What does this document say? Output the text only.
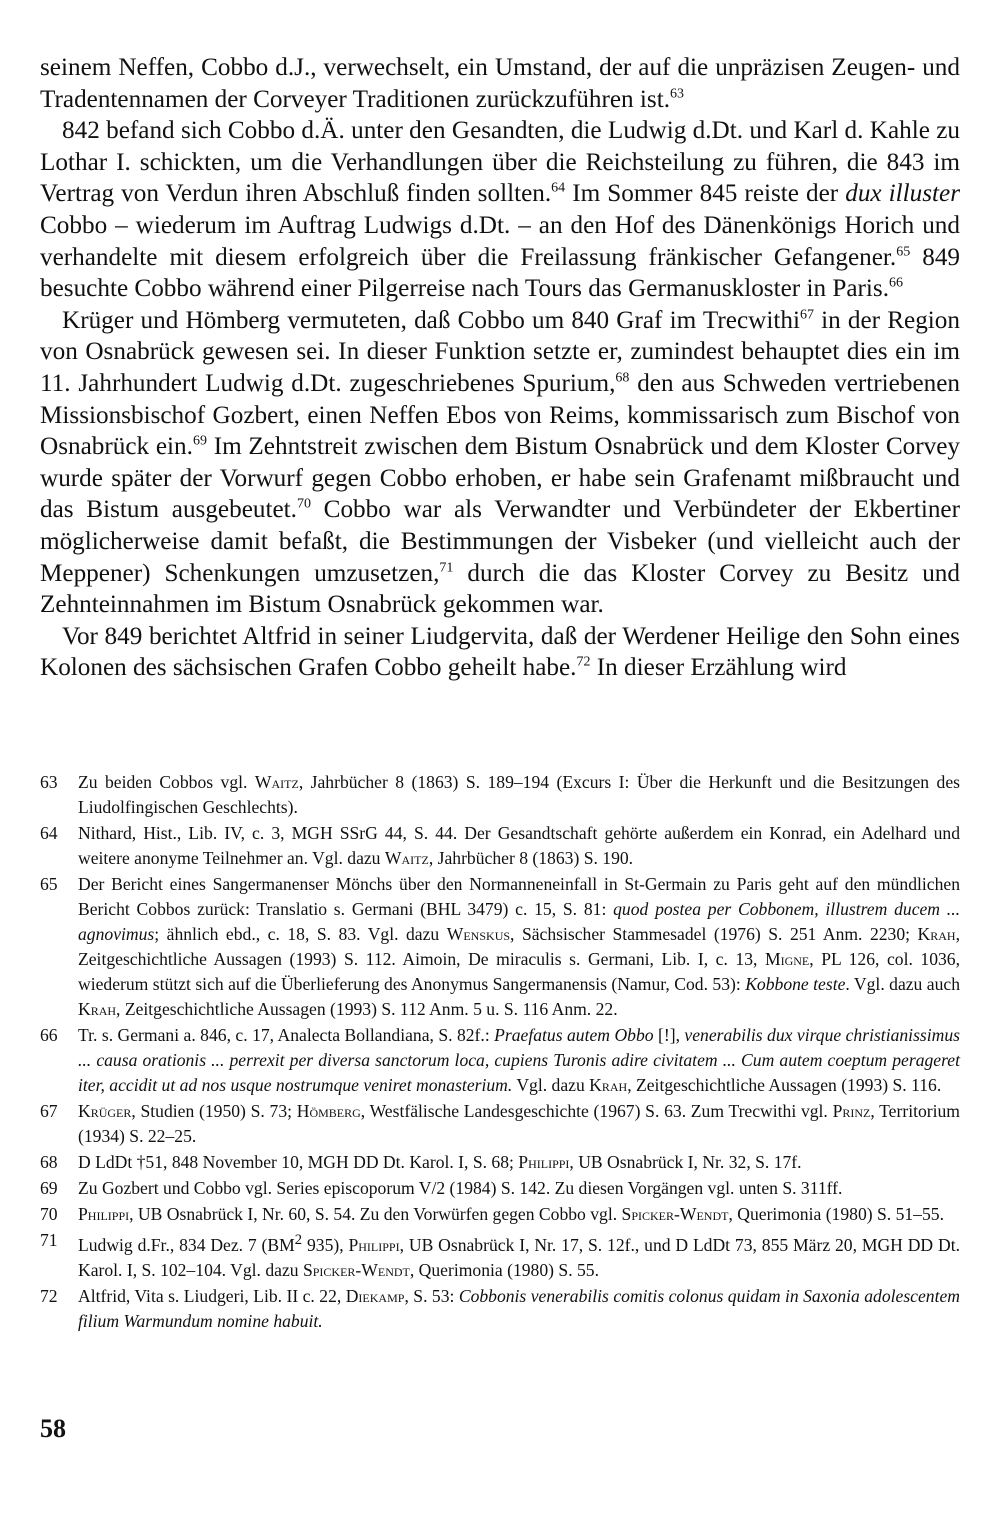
seinem Neffen, Cobbo d.J., verwechselt, ein Umstand, der auf die unpräzisen Zeugen- und Tradentennamen der Corveyer Traditionen zurückzuführen ist.$^{63}$

842 befand sich Cobbo d.Ä. unter den Gesandten, die Ludwig d.Dt. und Karl d. Kahle zu Lothar I. schickten, um die Verhandlungen über die Reichsteilung zu führen, die 843 im Vertrag von Verdun ihren Abschluß finden sollten.$^{64}$ Im Sommer 845 reiste der dux illuster Cobbo – wiederum im Auftrag Ludwigs d.Dt. – an den Hof des Dänenkönigs Horich und verhandelte mit diesem erfolgreich über die Freilassung fränkischer Gefangener.$^{65}$ 849 besuchte Cobbo während einer Pilgerreise nach Tours das Germanuskloster in Paris.$^{66}$

Krüger und Hömberg vermuteten, daß Cobbo um 840 Graf im Trecwithi$^{67}$ in der Region von Osnabrück gewesen sei. In dieser Funktion setzte er, zumindest behauptet dies ein im 11. Jahrhundert Ludwig d.Dt. zugeschriebenes Spurium,$^{68}$ den aus Schweden vertriebenen Missionsbischof Gozbert, einen Neffen Ebos von Reims, kommissarisch zum Bischof von Osnabrück ein.$^{69}$ Im Zehntstreit zwischen dem Bistum Osnabrück und dem Kloster Corvey wurde später der Vorwurf gegen Cobbo erhoben, er habe sein Grafenamt mißbraucht und das Bistum ausgebeutet.$^{70}$ Cobbo war als Verwandter und Verbündeter der Ekbertiner möglicherweise damit befaßt, die Bestimmungen der Visbeker (und vielleicht auch der Meppener) Schenkungen umzusetzen,$^{71}$ durch die das Kloster Corvey zu Besitz und Zehnteinnahmen im Bistum Osnabrück gekommen war.

Vor 849 berichtet Altfrid in seiner Liudgervita, daß der Werdener Heilige den Sohn eines Kolonen des sächsischen Grafen Cobbo geheilt habe.$^{72}$ In dieser Erzählung wird

63	Zu beiden Cobbos vgl. Waitz, Jahrbücher 8 (1863) S. 189–194 (Excurs I: Über die Herkunft und die Besitzungen des Liudolfingischen Geschlechts).
64	Nithard, Hist., Lib. IV, c. 3, MGH SSrG 44, S. 44. Der Gesandtschaft gehörte außerdem ein Konrad, ein Adelhard und weitere anonyme Teilnehmer an. Vgl. dazu Waitz, Jahrbücher 8 (1863) S. 190.
65	Der Bericht eines Sangermanenser Mönchs über den Normanneneinfall in St-Germain zu Paris geht auf den mündlichen Bericht Cobbos zurück: Translatio s. Germani (BHL 3479) c. 15, S. 81: quod postea per Cobbonem, illustrem ducem ... agnovimus; ähnlich ebd., c. 18, S. 83. Vgl. dazu Wenskus, Sächsischer Stammesadel (1976) S. 251 Anm. 2230; Krah, Zeitgeschichtliche Aussagen (1993) S. 112. Aimoin, De miraculis s. Germani, Lib. I, c. 13, Migne, PL 126, col. 1036, wiederum stützt sich auf die Überlieferung des Anonymus Sangermanensis (Namur, Cod. 53): Kobbone teste. Vgl. dazu auch Krah, Zeitgeschichtliche Aussagen (1993) S. 112 Anm. 5 u. S. 116 Anm. 22.
66	Tr. s. Germani a. 846, c. 17, Analecta Bollandiana, S. 82f.: Praefatus autem Obbo [!], venerabilis dux virque christianissimus ... causa orationis ... perrexit per diversa sanctorum loca, cupiens Turonis adire civitatem ... Cum autem coeptum perageret iter, accidit ut ad nos usque nostrumque veniret monasterium. Vgl. dazu Krah, Zeitgeschichtliche Aussagen (1993) S. 116.
67	Krüger, Studien (1950) S. 73; Hömberg, Westfälische Landesgeschichte (1967) S. 63. Zum Trecwithi vgl. Prinz, Territorium (1934) S. 22–25.
68	D LdDt †51, 848 November 10, MGH DD Dt. Karol. I, S. 68; Philippi, UB Osnabrück I, Nr. 32, S. 17f.
69	Zu Gozbert und Cobbo vgl. Series episcoporum V/2 (1984) S. 142. Zu diesen Vorgängen vgl. unten S. 311ff.
70	Philippi, UB Osnabrück I, Nr. 60, S. 54. Zu den Vorwürfen gegen Cobbo vgl. Spicker-Wendt, Querimonia (1980) S. 51–55.
71	Ludwig d.Fr., 834 Dez. 7 ($BM^2$ 935), Philippi, UB Osnabrück I, Nr. 17, S. 12f., und D LdDt 73, 855 März 20, MGH DD Dt. Karol. I, S. 102–104. Vgl. dazu Spicker-Wendt, Querimonia (1980) S. 55.
72	Altfrid, Vita s. Liudgeri, Lib. II c. 22, Diekamp, S. 53: Cobbonis venerabilis comitis colonus quidam in Saxonia adolescentem filium Warmundum nomine habuit.
58
